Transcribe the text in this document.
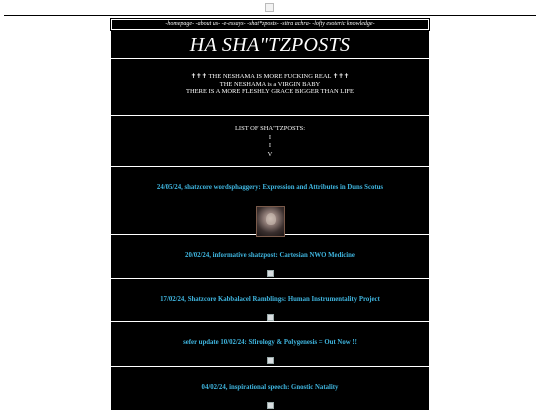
-homepage- -about us- -e-essays- -shat*zposts- -sitra achra- -lofty esoteric knowledge-
HA SHA"TZPOSTS
✝✝✝ THE NESHAMA IS MORE FUCKING REAL ✝✝✝
THE NESHAMA is a VIRGIN BABY
THERE IS A MORE FLESHLY GRACE BIGGER THAN LIFE
LIST OF SHA"TZPOSTS:
I
I
V
24/05/24, shatzcore wordsphaggery: Expression and Attributes in Duns Scotus
20/02/24, informative shatzpost: Cartesian NWO Medicine

17/02/24, Shatzcore Kabbalacel Ramblings: Human Instrumentality Project

sefer update 10/02/24: Sfirology & Polygenesis = Out Now !!

04/02/24, inspirational speech: Gnostic Natality
